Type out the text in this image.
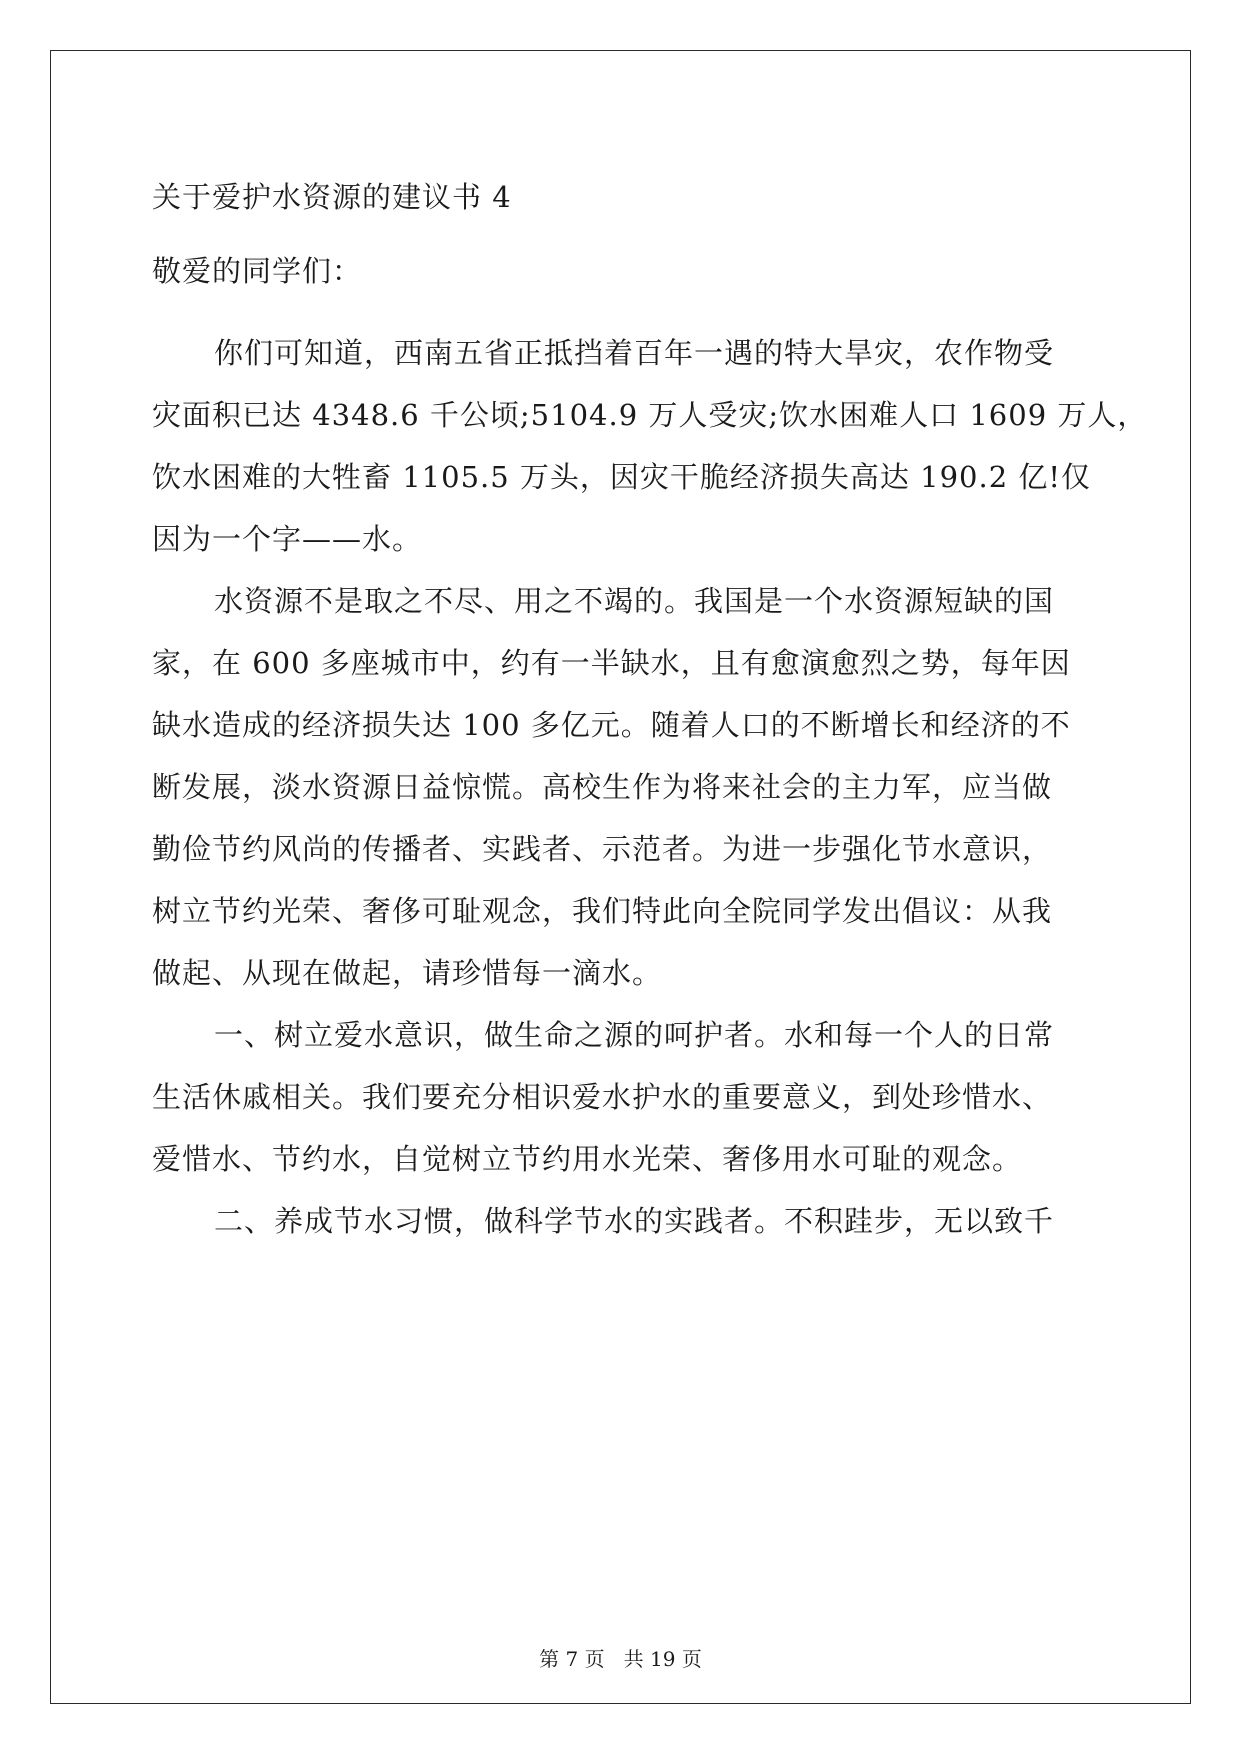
关于爱护水资源的建议书 4
敬爱的同学们：
你们可知道，西南五省正抵挡着百年一遇的特大旱灾，农作物受
灾面积已达 4348.6 千公顷;5104.9 万人受灾;饮水困难人口 1609 万人，
饮水困难的大牲畜 1105.5 万头，因灾干脆经济损失高达 190.2 亿!仅
因为一个字——水。
水资源不是取之不尽、用之不竭的。我国是一个水资源短缺的国
家，在 600 多座城市中，约有一半缺水，且有愈演愈烈之势，每年因
缺水造成的经济损失达 100 多亿元。随着人口的不断增长和经济的不
断发展，淡水资源日益惊慌。高校生作为将来社会的主力军，应当做
勤俭节约风尚的传播者、实践者、示范者。为进一步强化节水意识，
树立节约光荣、奢侈可耻观念，我们特此向全院同学发出倡议：从我
做起、从现在做起，请珍惜每一滴水。
一、树立爱水意识，做生命之源的呵护者。水和每一个人的日常
生活休戚相关。我们要充分相识爱水护水的重要意义，到处珍惜水、
爱惜水、节约水，自觉树立节约用水光荣、奢侈用水可耻的观念。
二、养成节水习惯，做科学节水的实践者。不积跬步，无以致千
第 7 页   共 19 页
